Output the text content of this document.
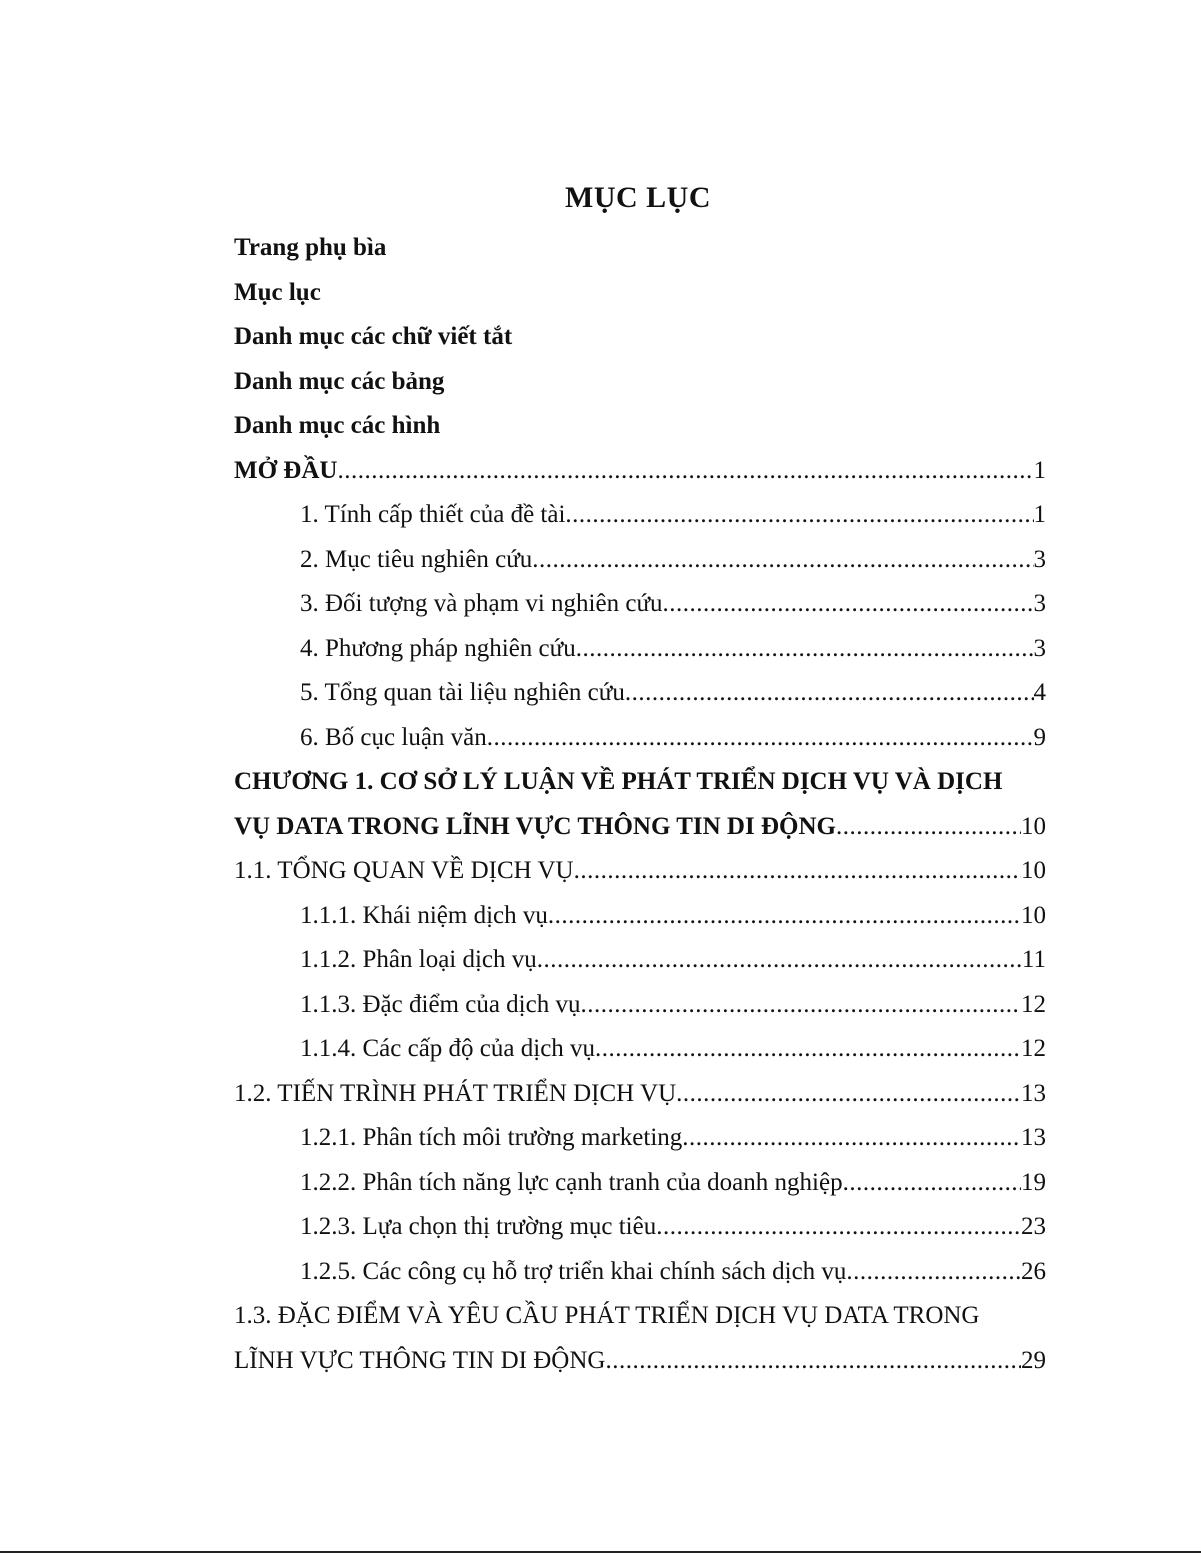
MỤC LỤC
Trang phụ bìa
Mục lục
Danh mục các chữ viết tắt
Danh mục các bảng
Danh mục các hình
MỞ ĐẦU .....	1
1. Tính cấp thiết của đề tài .....	1
2. Mục tiêu nghiên cứu .....	3
3. Đối tượng và phạm vi nghiên cứu .....	3
4. Phương pháp nghiên cứu .....	3
5. Tổng quan tài liệu nghiên cứu .....	4
6. Bố cục luận văn .....	9
CHƯƠNG 1. CƠ SỞ LÝ LUẬN VỀ PHÁT TRIỂN DỊCH VỤ VÀ DỊCH
VỤ DATA TRONG LĨNH VỰC THÔNG TIN DI ĐỘNG .....	10
1.1. TỔNG QUAN VỀ DỊCH VỤ .....	10
1.1.1. Khái niệm dịch vụ .....	10
1.1.2. Phân loại dịch vụ .....	11
1.1.3. Đặc điểm của dịch vụ .....	12
1.1.4. Các cấp độ của dịch vụ .....	12
1.2. TIẾN TRÌNH PHÁT TRIỂN DỊCH VỤ .....	13
1.2.1. Phân tích môi trường marketing .....	13
1.2.2. Phân tích năng lực cạnh tranh của doanh nghiệp .....	19
1.2.3. Lựa chọn thị trường mục tiêu .....	23
1.2.5. Các công cụ hỗ trợ triển khai chính sách dịch vụ .....	26
1.3. ĐẶC ĐIỂM VÀ YÊU CẦU PHÁT TRIỂN DỊCH VỤ DATA TRONG
LĨNH VỰC THÔNG TIN DI ĐỘNG .....	29
